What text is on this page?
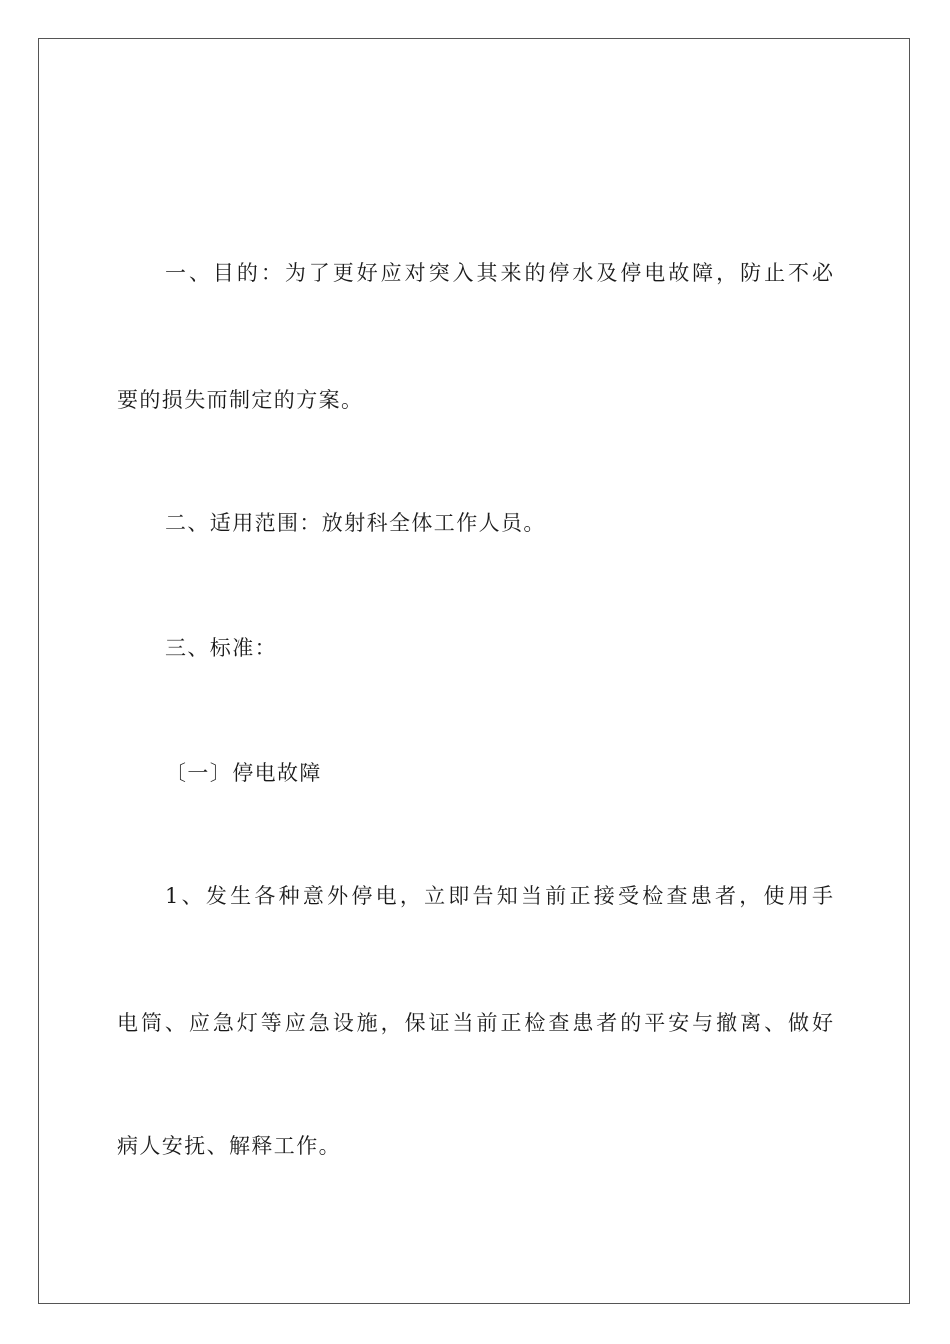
一、目的：为了更好应对突入其来的停水及停电故障，防止不必
要的损失而制定的方案。
二、适用范围：放射科全体工作人员。
三、标准：
〔一〕停电故障
1、发生各种意外停电，立即告知当前正接受检查患者，使用手
电筒、应急灯等应急设施，保证当前正检查患者的平安与撤离、做好
病人安抚、解释工作。
